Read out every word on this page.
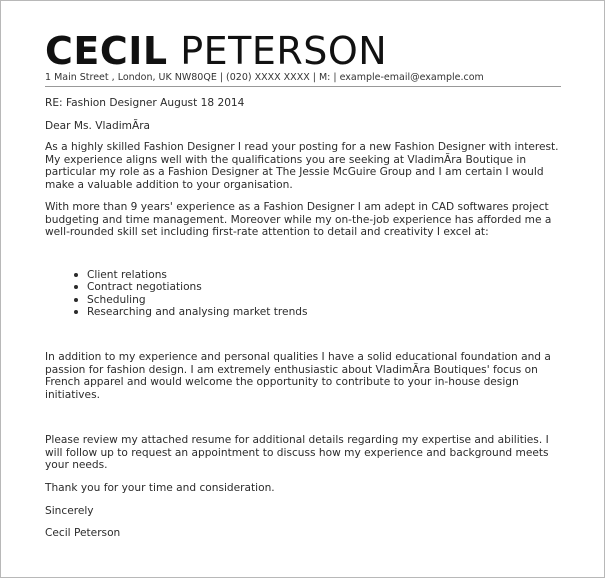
CECIL PETERSON
1 Main Street , London, UK NW80QE | (020) XXXX XXXX | M: | example-email@example.com

RE: Fashion Designer August 18 2014

Dear Ms. VladimÃra

As a highly skilled Fashion Designer I read your posting for a new Fashion Designer with interest. My experience aligns well with the qualifications you are seeking at VladimÃra Boutique in particular my role as a Fashion Designer at The Jessie McGuire Group and I am certain I would make a valuable addition to your organisation.

With more than 9 years' experience as a Fashion Designer I am adept in CAD softwares project budgeting and time management. Moreover while my on-the-job experience has afforded me a well-rounded skill set including first-rate attention to detail and creativity I excel at:

Client relations
Contract negotiations
Scheduling
Researching and analysing market trends

In addition to my experience and personal qualities I have a solid educational foundation and a passion for fashion design. I am extremely enthusiastic about VladimÃra Boutiques' focus on French apparel and would welcome the opportunity to contribute to your in-house design initiatives.

Please review my attached resume for additional details regarding my expertise and abilities. I will follow up to request an appointment to discuss how my experience and background meets your needs.

Thank you for your time and consideration.

Sincerely

Cecil Peterson
